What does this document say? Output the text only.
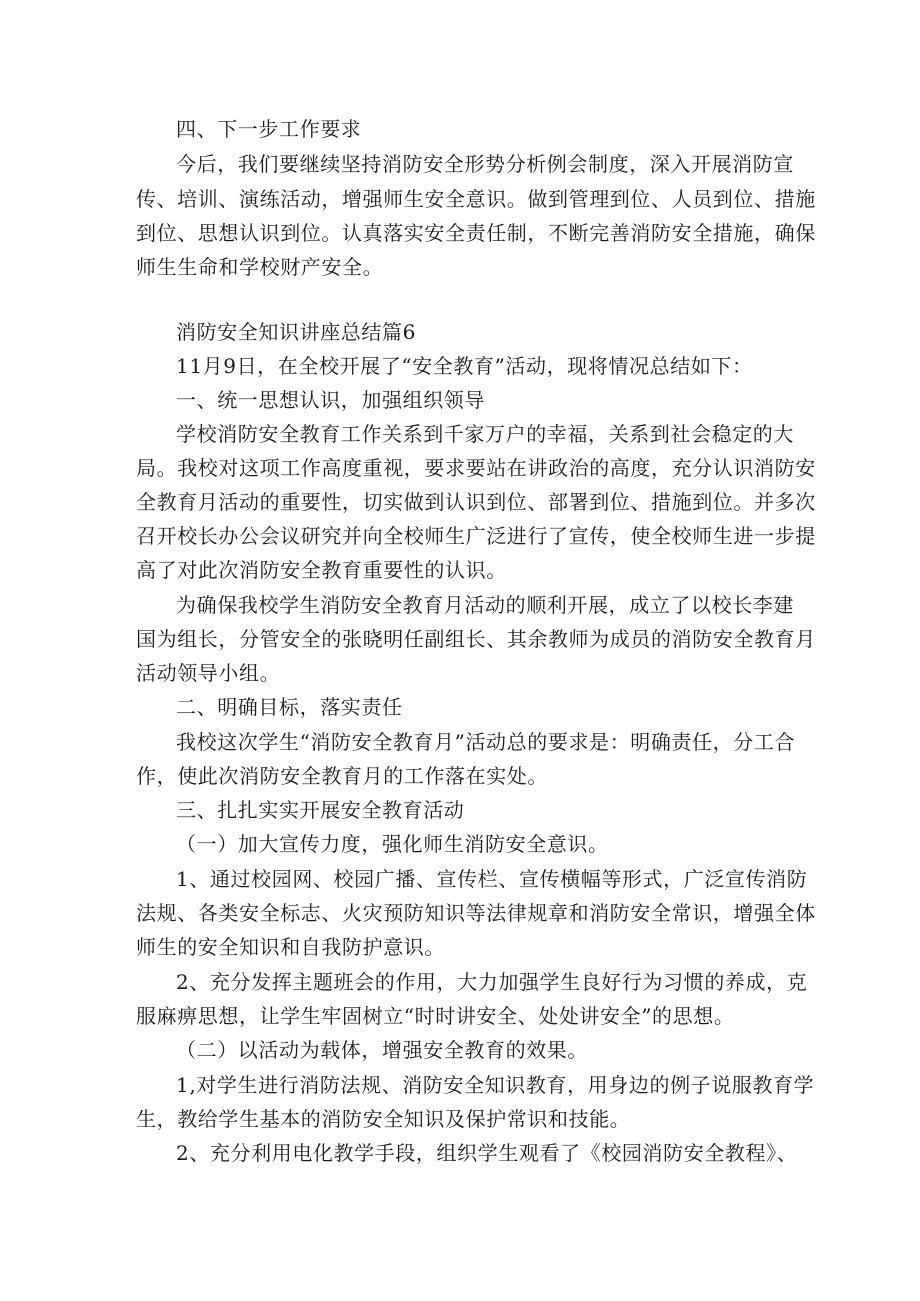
四、下一步工作要求
今后，我们要继续坚持消防安全形势分析例会制度，深入开展消防宣
传、培训、演练活动，增强师生安全意识。做到管理到位、人员到位、措施
到位、思想认识到位。认真落实安全责任制，不断完善消防安全措施，确保
师生生命和学校财产安全。
消防安全知识讲座总结篇6
11月9日，在全校开展了“安全教育”活动，现将情况总结如下：
一、统一思想认识，加强组织领导
学校消防安全教育工作关系到千家万户的幸福，关系到社会稳定的大
局。我校对这项工作高度重视，要求要站在讲政治的高度，充分认识消防安
全教育月活动的重要性，切实做到认识到位、部署到位、措施到位。并多次
召开校长办公会议研究并向全校师生广泛进行了宣传，使全校师生进一步提
高了对此次消防安全教育重要性的认识。
为确保我校学生消防安全教育月活动的顺利开展，成立了以校长李建
国为组长，分管安全的张晓明任副组长、其余教师为成员的消防安全教育月
活动领导小组。
二、明确目标，落实责任
我校这次学生“消防安全教育月”活动总的要求是：明确责任，分工合
作，使此次消防安全教育月的工作落在实处。
三、扎扎实实开展安全教育活动
（一）加大宣传力度，强化师生消防安全意识。
1、通过校园网、校园广播、宣传栏、宣传横幅等形式，广泛宣传消防
法规、各类安全标志、火灾预防知识等法律规章和消防安全常识，增强全体
师生的安全知识和自我防护意识。
2、充分发挥主题班会的作用，大力加强学生良好行为习惯的养成，克
服麻痹思想，让学生牢固树立“时时讲安全、处处讲安全”的思想。
（二）以活动为载体，增强安全教育的效果。
1,对学生进行消防法规、消防安全知识教育，用身边的例子说服教育学
生，教给学生基本的消防安全知识及保护常识和技能。
2、充分利用电化教学手段，组织学生观看了《校园消防安全教程》、
